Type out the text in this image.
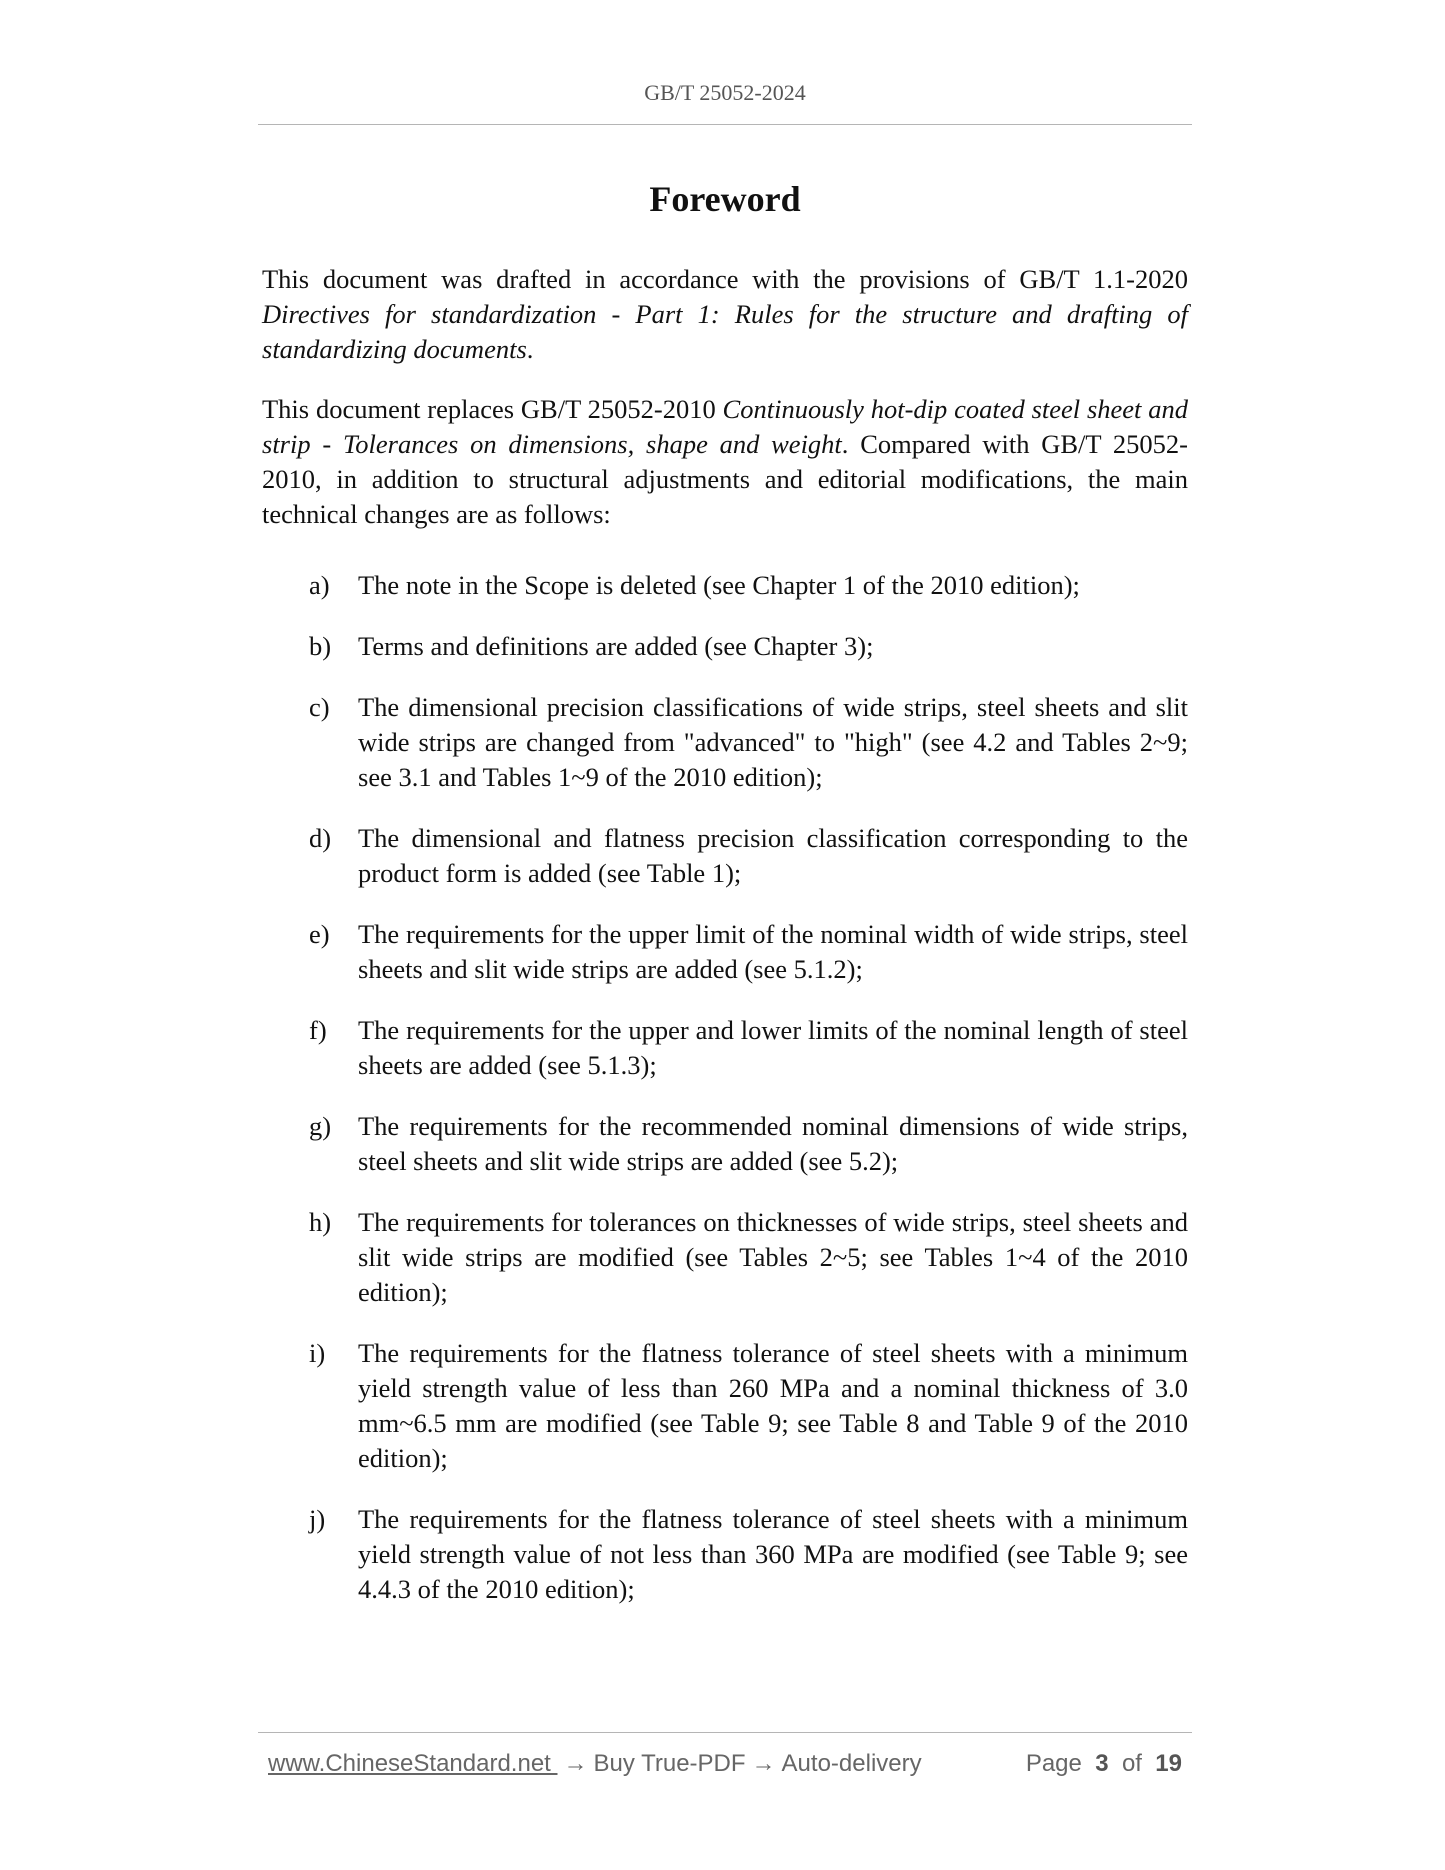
GB/T 25052-2024
Foreword

This document was drafted in accordance with the provisions of GB/T 1.1-2020 Directives for standardization - Part 1: Rules for the structure and drafting of standardizing documents.

This document replaces GB/T 25052-2010 Continuously hot-dip coated steel sheet and strip - Tolerances on dimensions, shape and weight. Compared with GB/T 25052-2010, in addition to structural adjustments and editorial modifications, the main technical changes are as follows:

a) The note in the Scope is deleted (see Chapter 1 of the 2010 edition);
b) Terms and definitions are added (see Chapter 3);
c) The dimensional precision classifications of wide strips, steel sheets and slit wide strips are changed from "advanced" to "high" (see 4.2 and Tables 2~9; see 3.1 and Tables 1~9 of the 2010 edition);
d) The dimensional and flatness precision classification corresponding to the product form is added (see Table 1);
e) The requirements for the upper limit of the nominal width of wide strips, steel sheets and slit wide strips are added (see 5.1.2);
f) The requirements for the upper and lower limits of the nominal length of steel sheets are added (see 5.1.3);
g) The requirements for the recommended nominal dimensions of wide strips, steel sheets and slit wide strips are added (see 5.2);
h) The requirements for tolerances on thicknesses of wide strips, steel sheets and slit wide strips are modified (see Tables 2~5; see Tables 1~4 of the 2010 edition);
i) The requirements for the flatness tolerance of steel sheets with a minimum yield strength value of less than 260 MPa and a nominal thickness of 3.0 mm~6.5 mm are modified (see Table 9; see Table 8 and Table 9 of the 2010 edition);
j) The requirements for the flatness tolerance of steel sheets with a minimum yield strength value of not less than 360 MPa are modified (see Table 9; see 4.4.3 of the 2010 edition);
www.ChineseStandard.net → Buy True-PDF → Auto-delivery	Page 3 of 19
